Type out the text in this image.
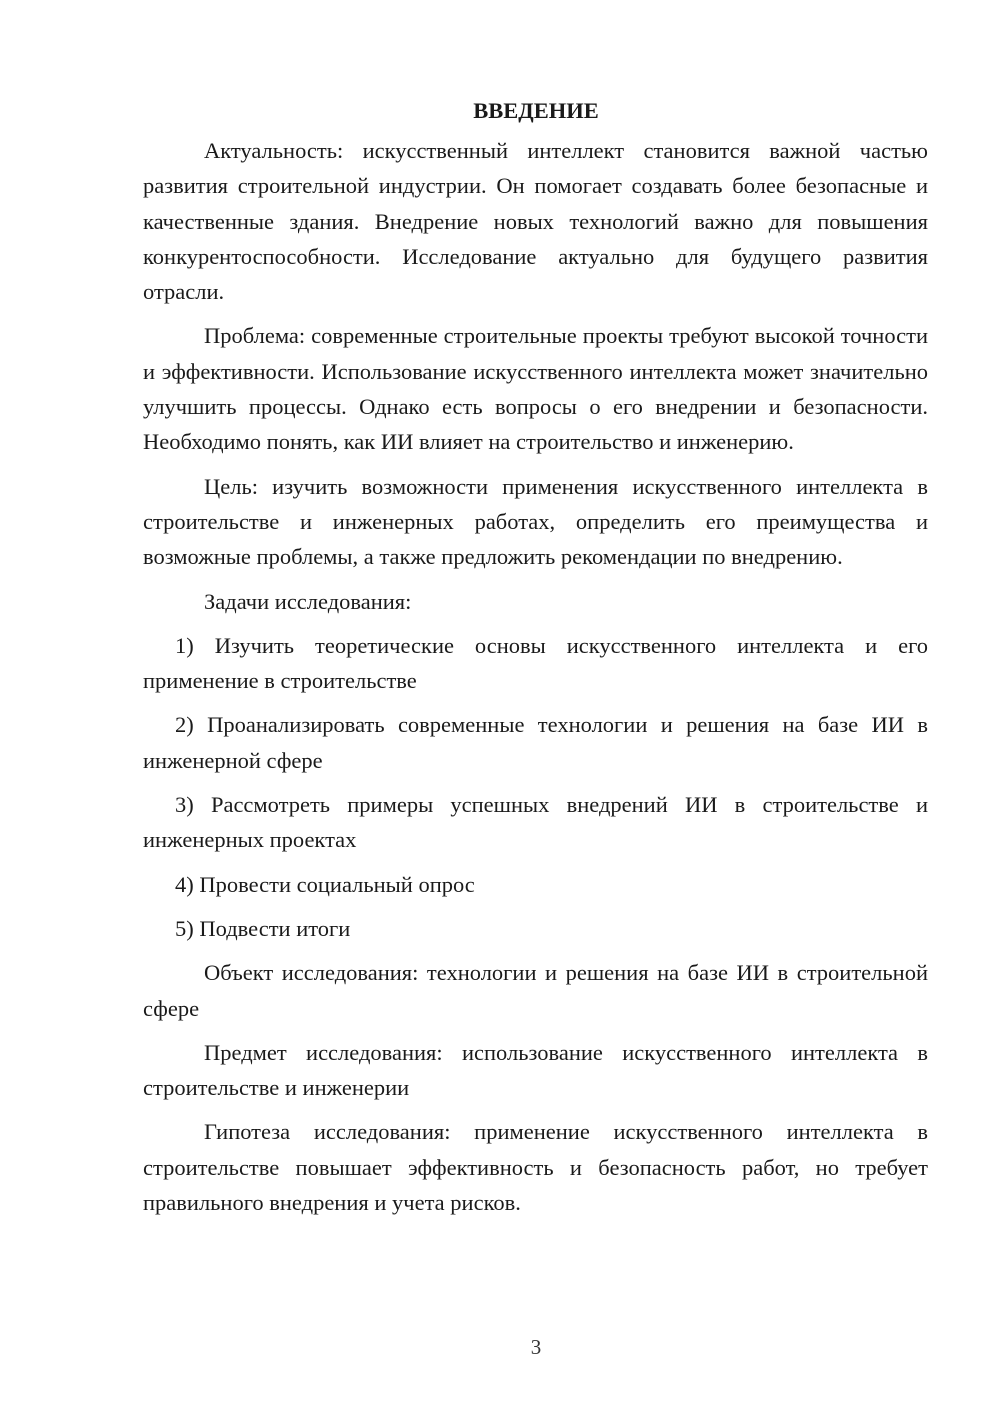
ВВЕДЕНИЕ

Актуальность: искусственный интеллект становится важной частью развития строительной индустрии. Он помогает создавать более безопасные и качественные здания. Внедрение новых технологий важно для повышения конкурентоспособности. Исследование актуально для будущего развития отрасли.

Проблема: современные строительные проекты требуют высокой точности и эффективности. Использование искусственного интеллекта может значительно улучшить процессы. Однако есть вопросы о его внедрении и безопасности. Необходимо понять, как ИИ влияет на строительство и инженерию.

Цель: изучить возможности применения искусственного интеллекта в строительстве и инженерных работах, определить его преимущества и возможные проблемы, а также предложить рекомендации по внедрению.

Задачи исследования:

1) Изучить теоретические основы искусственного интеллекта и его применение в строительстве

2) Проанализировать современные технологии и решения на базе ИИ в инженерной сфере

3) Рассмотреть примеры успешных внедрений ИИ в строительстве и инженерных проектах

4) Провести социальный опрос

5) Подвести итоги

Объект исследования: технологии и решения на базе ИИ в строительной сфере

Предмет исследования: использование искусственного интеллекта в строительстве и инженерии

Гипотеза исследования: применение искусственного интеллекта в строительстве повышает эффективность и безопасность работ, но требует правильного внедрения и учета рисков.

3
